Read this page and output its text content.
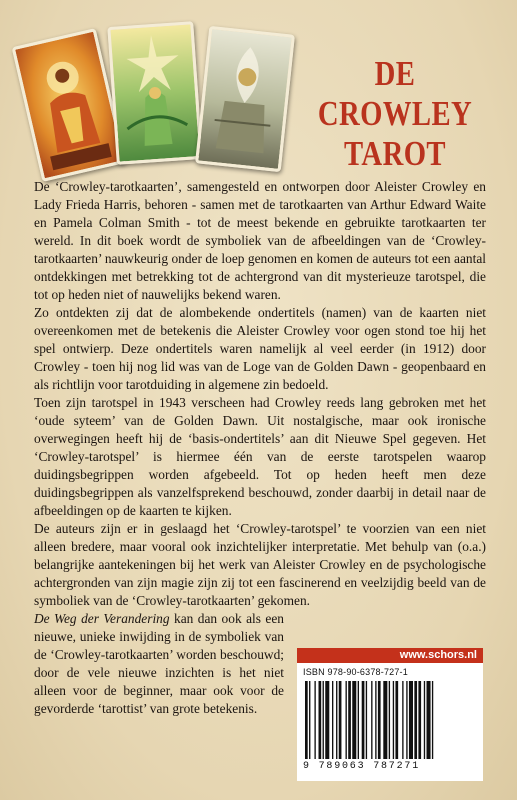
DE CROWLEY
TAROT

De ‘Crowley-tarotkaarten’, samengesteld en ontworpen door Aleister Crowley en Lady Frieda Harris, behoren - samen met de tarotkaarten van Arthur Edward Waite en Pamela Colman Smith - tot de meest bekende en gebruikte tarotkaarten ter wereld. In dit boek wordt de symboliek van de afbeeldingen van de ‘Crowley-tarotkaarten’ nauwkeurig onder de loep genomen en komen de auteurs tot een aantal ontdekkingen met betrekking tot de achtergrond van dit mysterieuze tarotspel, die tot op heden niet of nauwelijks bekend waren.

Zo ontdekten zij dat de alombekende ondertitels (namen) van de kaarten niet overeenkomen met de betekenis die Aleister Crowley voor ogen stond toe hij het spel ontwierp. Deze ondertitels waren namelijk al veel eerder (in 1912) door Crowley - toen hij nog lid was van de Loge van de Golden Dawn - geopenbaard en als richtlijn voor tarotduiding in algemene zin bedoeld.

Toen zijn tarotspel in 1943 verscheen had Crowley reeds lang gebroken met het ‘oude syteem’ van de Golden Dawn. Uit nostalgische, maar ook ironische overwegingen heeft hij de ‘basis-ondertitels’ aan dit Nieuwe Spel gegeven. Het ‘Crowley-tarotspel’ is hiermee één van de eerste tarotspelen waarop duidingsbegrippen worden afgebeeld. Tot op heden heeft men deze duidingsbegrippen als vanzelfsprekend beschouwd, zonder daarbij in detail naar de afbeeldingen op de kaarten te kijken.

De auteurs zijn er in geslaagd het ‘Crowley-tarotspel’ te voorzien van een niet alleen bredere, maar vooral ook inzichtelijker interpretatie. Met behulp van (o.a.) belangrijke aantekeningen bij het werk van Aleister Crowley en de psychologische achtergronden van zijn magie zijn zij tot een fascinerend en veelzijdig beeld van de symboliek van de ‘Crowley-tarotkaarten’ gekomen.

De Weg der Verandering kan dan ook als een nieuwe, unieke inwijding in de symboliek van de ‘Crowley-tarotkaarten’ worden beschouwd; door de vele nieuwe inzichten is het niet alleen voor de beginner, maar ook voor de gevorderde ‘tarottist’ van grote betekenis.

www.schors.nl
ISBN 978-90-6378-727-1
9 789063 787271
